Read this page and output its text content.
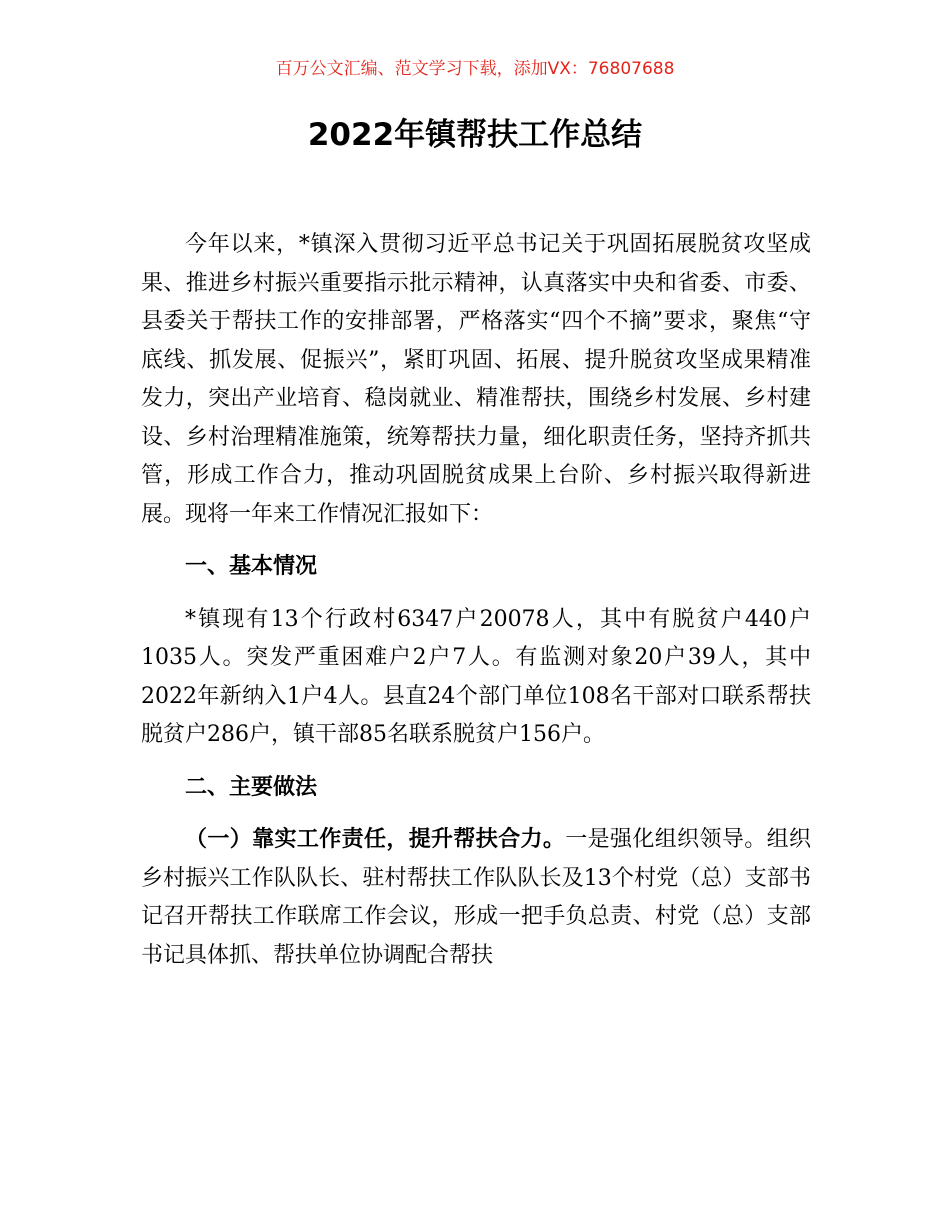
百万公文汇编、范文学习下载，添加VX：76807688
2022年镇帮扶工作总结

今年以来，*镇深入贯彻习近平总书记关于巩固拓展脱贫攻坚成果、推进乡村振兴重要指示批示精神，认真落实中央和省委、市委、县委关于帮扶工作的安排部署，严格落实“四个不摘”要求，聚焦“守底线、抓发展、促振兴”，紧盯巩固、拓展、提升脱贫攻坚成果精准发力，突出产业培育、稳岗就业、精准帮扶，围绕乡村发展、乡村建设、乡村治理精准施策，统筹帮扶力量，细化职责任务，坚持齐抓共管，形成工作合力，推动巩固脱贫成果上台阶、乡村振兴取得新进展。现将一年来工作情况汇报如下：

一、基本情况

*镇现有13个行政村6347户20078人，其中有脱贫户440户1035人。突发严重困难户2户7人。有监测对象20户39人，其中2022年新纳入1户4人。县直24个部门单位108名干部对口联系帮扶脱贫户286户，镇干部85名联系脱贫户156户。

二、主要做法

（一）靠实工作责任，提升帮扶合力。一是强化组织领导。组织乡村振兴工作队队长、驻村帮扶工作队队长及13个村党（总）支部书记召开帮扶工作联席工作会议，形成一把手负总责、村党（总）支部书记具体抓、帮扶单位协调配合帮扶
